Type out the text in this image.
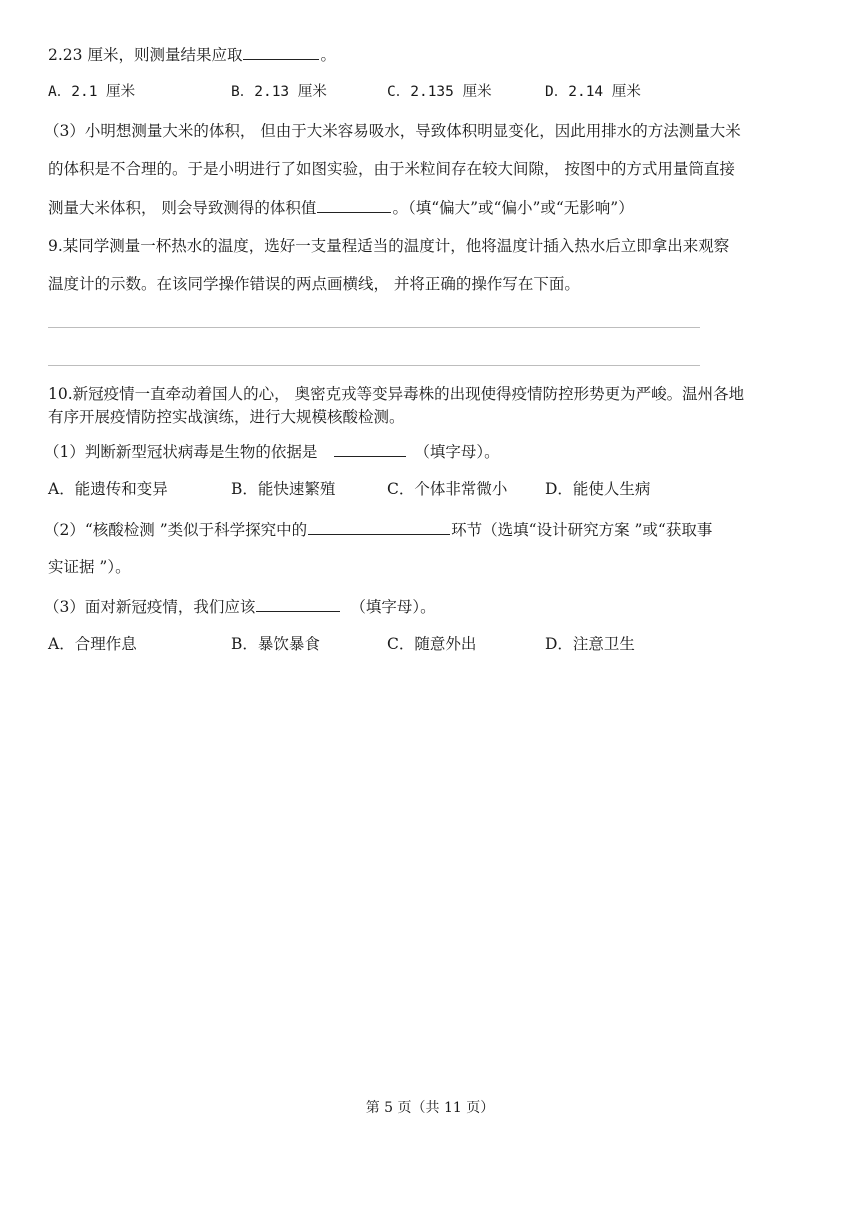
2.23 厘米，则测量结果应取	。
A．2.1 厘米	B．2.13 厘米	C．2.135 厘米	D．2.14 厘米
（3）小明想测量大米的体积， 但由于大米容易吸水，导致体积明显变化，因此用排水的方法测量大米
的体积是不合理的。于是小明进行了如图实验，由于米粒间存在较大间隙， 按图中的方式用量筒直接
测量大米体积， 则会导致测得的体积值	。（填“偏大”或“偏小”或“无影响”）
9.某同学测量一杯热水的温度，选好一支量程适当的温度计，他将温度计插入热水后立即拿出来观察
温度计的示数。在该同学操作错误的两点画横线， 并将正确的操作写在下面。
10.新冠疫情一直牵动着国人的心， 奥密克戎等变异毒株的出现使得疫情防控形势更为严峻。温州各地
有序开展疫情防控实战演练，进行大规模核酸检测。
（1）判断新型冠状病毒是生物的依据是	（填字母）。
A．能遗传和变异	B．能快速繁殖	C．个体非常微小 D．能使人生病
（2）“核酸检测 ”类似于科学探究中的	环节（选填“设计研究方案 ”或“获取事
实证据 ”）。
（3）面对新冠疫情，我们应该	（填字母）。
A．合理作息	B．暴饮暴食	C．随意外出	D．注意卫生
第 5 页（共 11 页）
